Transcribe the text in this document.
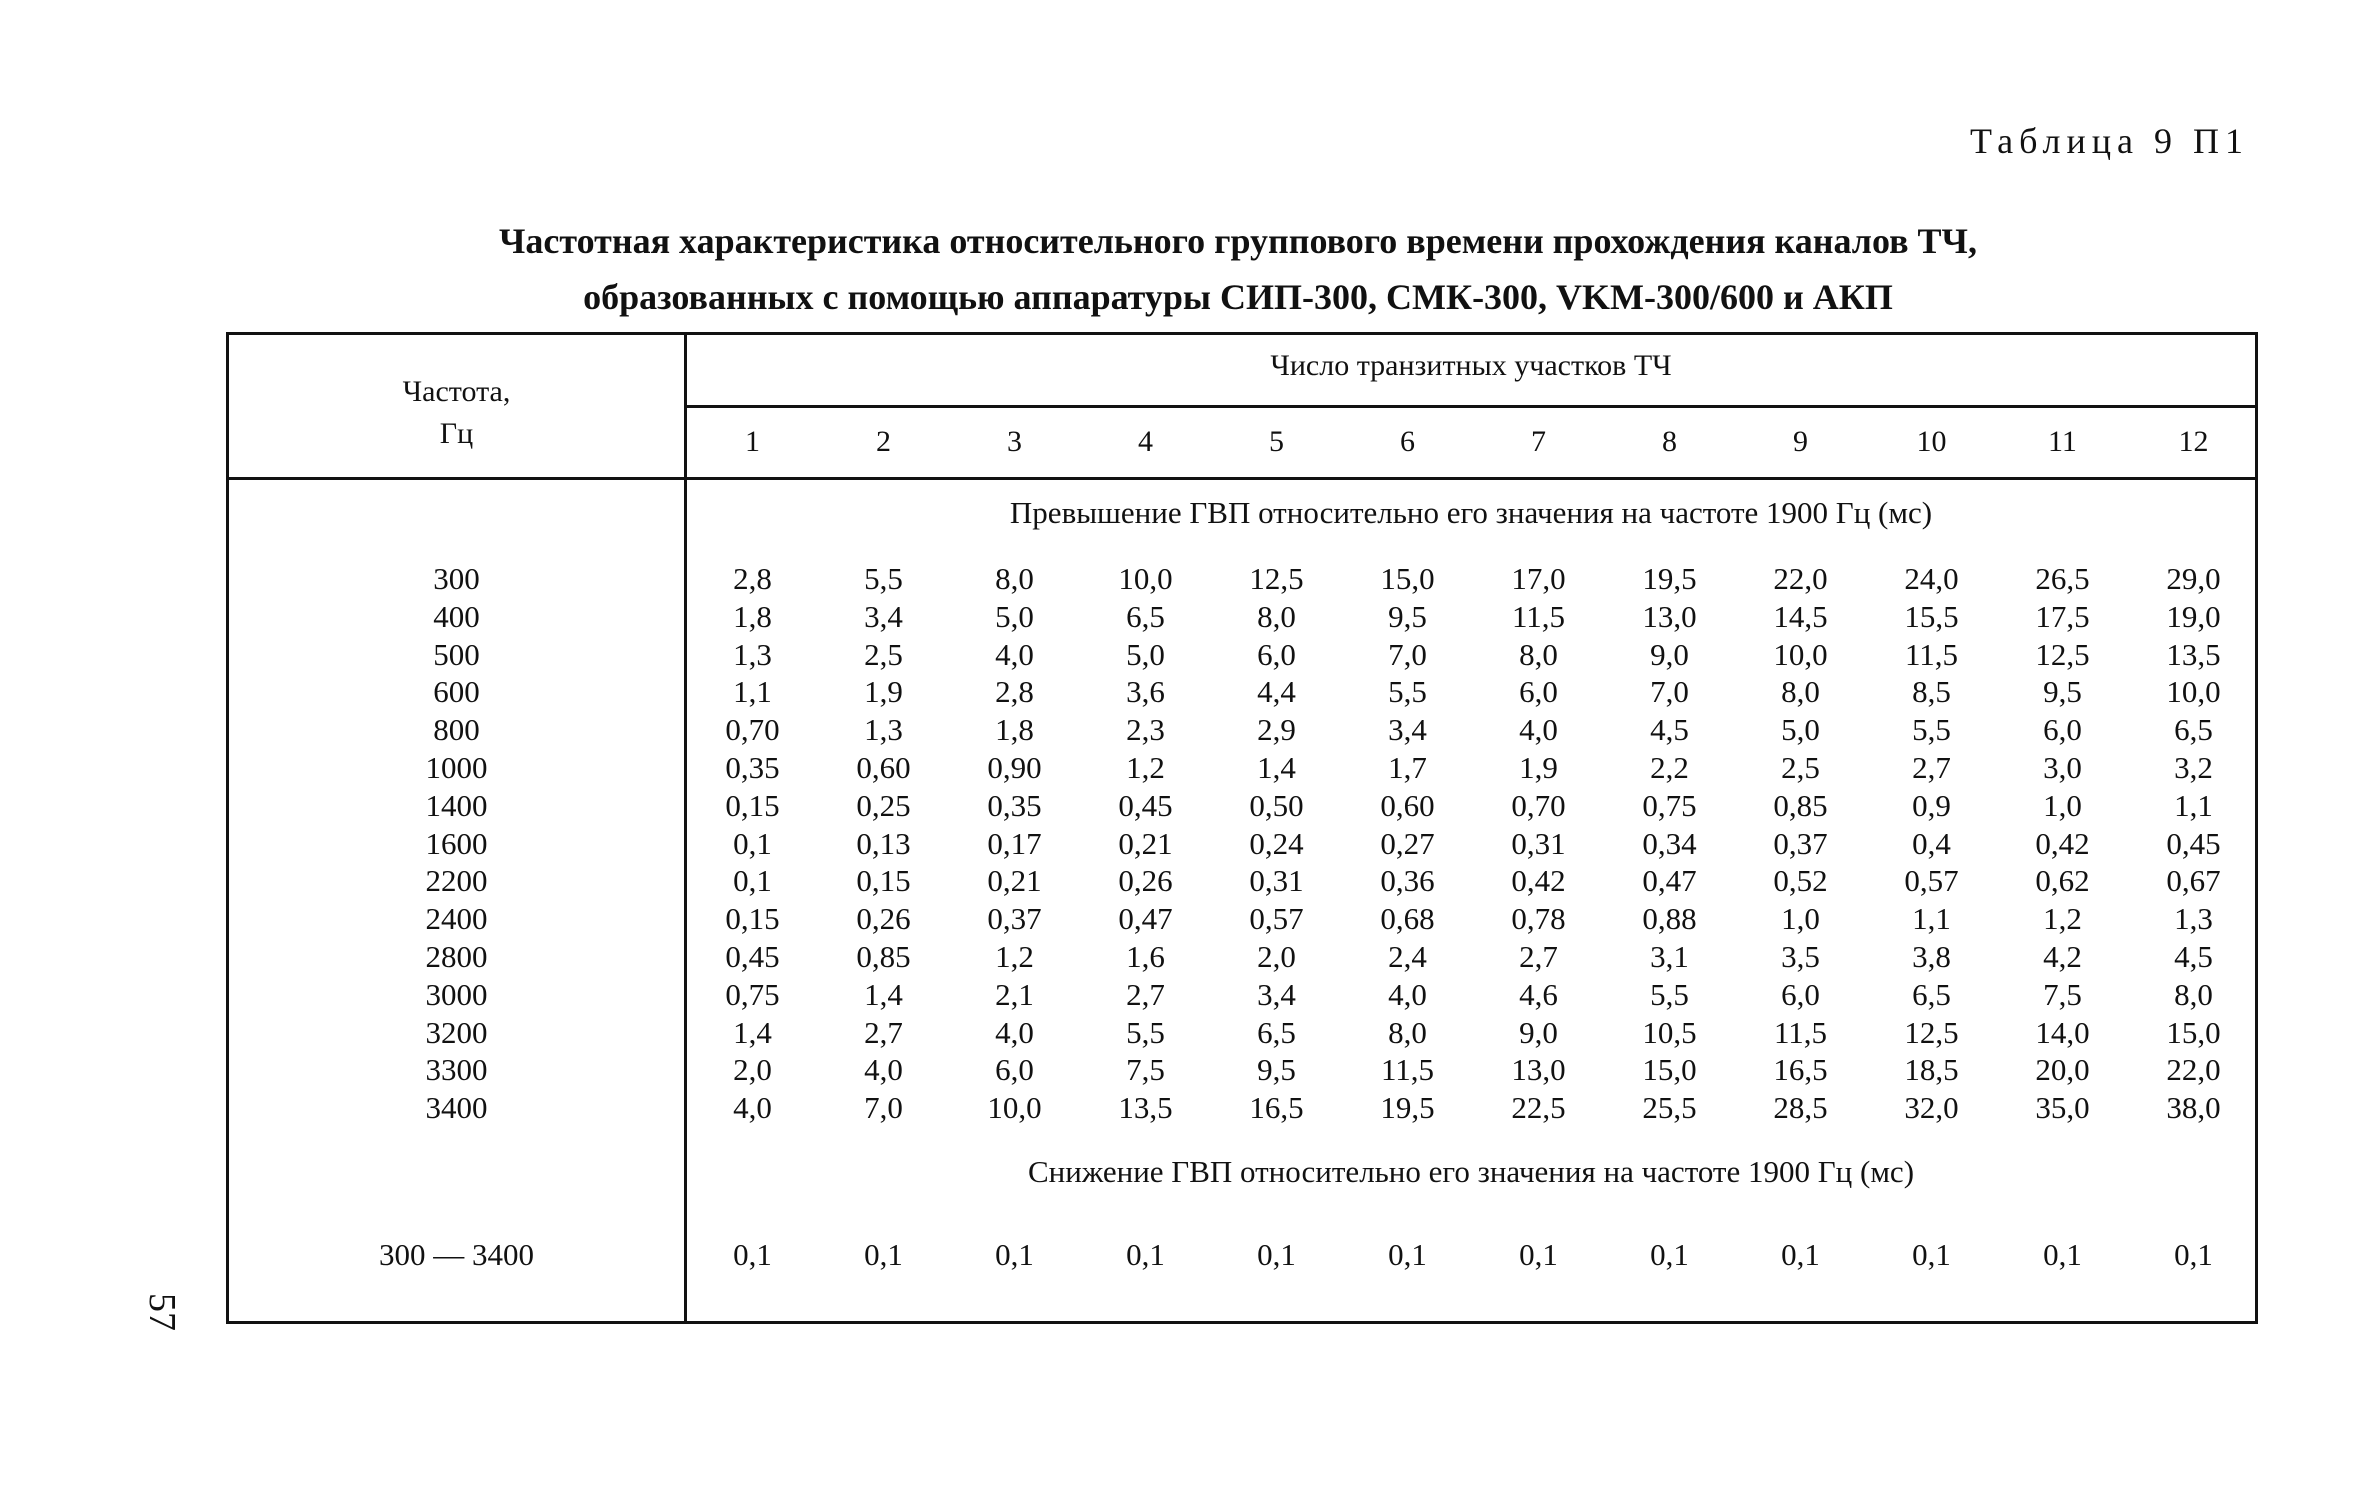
Таблица 9 П1
Частотная характеристика относительного группового времени прохождения каналов ТЧ,
образованных с помощью аппаратуры СИП-300, СМК-300, VKM-300/600 и АКП
57
Частота,
Гц
Число транзитных участков ТЧ
1	2	3	4	5	6	7	8	9	10	11	12
Превышение ГВП относительно его значения на частоте 1900 Гц (мс)
300	2,8	5,5	8,0	10,0	12,5	15,0	17,0	19,5	22,0	24,0	26,5	29,0
400	1,8	3,4	5,0	6,5	8,0	9,5	11,5	13,0	14,5	15,5	17,5	19,0
500	1,3	2,5	4,0	5,0	6,0	7,0	8,0	9,0	10,0	11,5	12,5	13,5
600	1,1	1,9	2,8	3,6	4,4	5,5	6,0	7,0	8,0	8,5	9,5	10,0
800	0,70	1,3	1,8	2,3	2,9	3,4	4,0	4,5	5,0	5,5	6,0	6,5
1000	0,35	0,60	0,90	1,2	1,4	1,7	1,9	2,2	2,5	2,7	3,0	3,2
1400	0,15	0,25	0,35	0,45	0,50	0,60	0,70	0,75	0,85	0,9	1,0	1,1
1600	0,1	0,13	0,17	0,21	0,24	0,27	0,31	0,34	0,37	0,4	0,42	0,45
2200	0,1	0,15	0,21	0,26	0,31	0,36	0,42	0,47	0,52	0,57	0,62	0,67
2400	0,15	0,26	0,37	0,47	0,57	0,68	0,78	0,88	1,0	1,1	1,2	1,3
2800	0,45	0,85	1,2	1,6	2,0	2,4	2,7	3,1	3,5	3,8	4,2	4,5
3000	0,75	1,4	2,1	2,7	3,4	4,0	4,6	5,5	6,0	6,5	7,5	8,0
3200	1,4	2,7	4,0	5,5	6,5	8,0	9,0	10,5	11,5	12,5	14,0	15,0
3300	2,0	4,0	6,0	7,5	9,5	11,5	13,0	15,0	16,5	18,5	20,0	22,0
3400	4,0	7,0	10,0	13,5	16,5	19,5	22,5	25,5	28,5	32,0	35,0	38,0
Снижение ГВП относительно его значения на частоте 1900 Гц (мс)
300 — 3400	0,1	0,1	0,1	0,1	0,1	0,1	0,1	0,1	0,1	0,1	0,1	0,1
